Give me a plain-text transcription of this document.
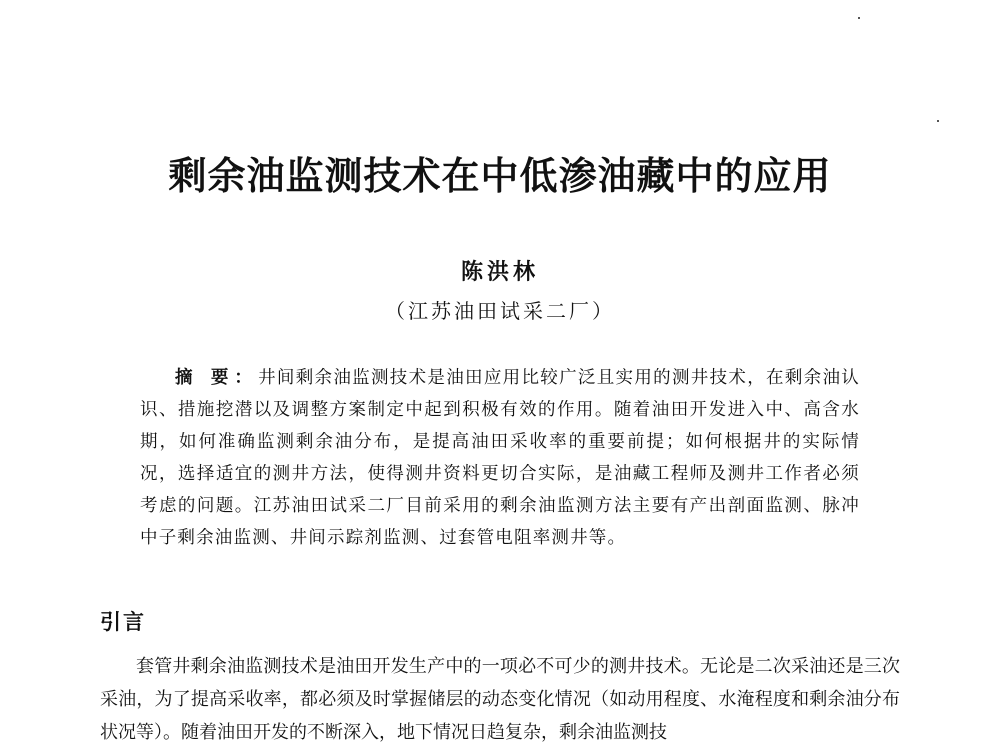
剩余油监测技术在中低渗油藏中的应用
陈洪林
（江苏油田试采二厂）

摘 要：井间剩余油监测技术是油田应用比较广泛且实用的测井技术，在剩余油认识、措施挖潜以及调整方案制定中起到积极有效的作用。随着油田开发进入中、高含水期，如何准确监测剩余油分布，是提高油田采收率的重要前提；如何根据井的实际情况，选择适宜的测井方法，使得测井资料更切合实际，是油藏工程师及测井工作者必须考虑的问题。江苏油田试采二厂目前采用的剩余油监测方法主要有产出剖面监测、脉冲中子剩余油监测、井间示踪剂监测、过套管电阻率测井等。

引言

套管井剩余油监测技术是油田开发生产中的一项必不可少的测井技术。无论是二次采油还是三次采油，为了提高采收率，都必须及时掌握储层的动态变化情况（如动用程度、水淹程度和剩余油分布状况等）。随着油田开发的不断深入，地下情况日趋复杂，剩余油监测技
